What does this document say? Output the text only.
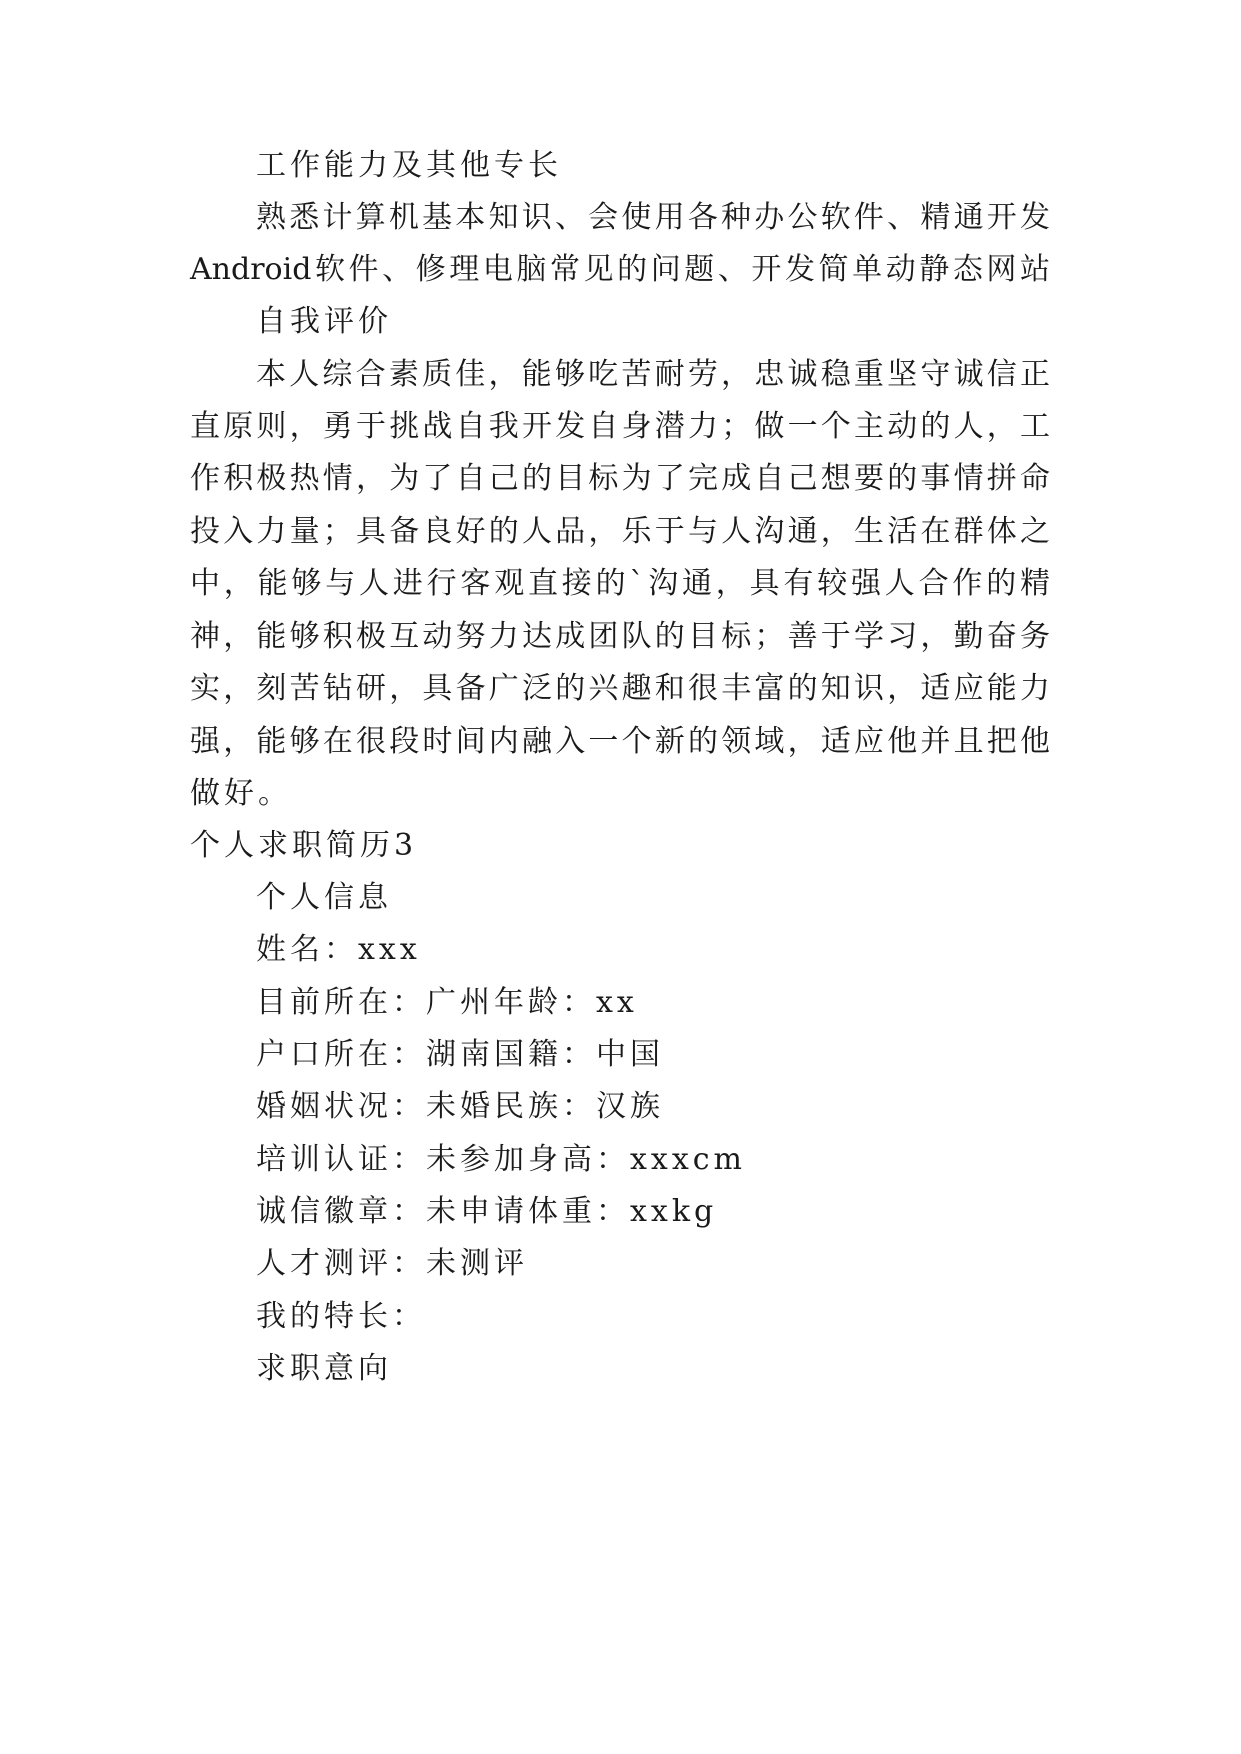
工作能力及其他专长
熟悉计算机基本知识、会使用各种办公软件、精通开发
Android软件、修理电脑常见的问题、开发简单动静态网站
自我评价
本人综合素质佳，能够吃苦耐劳，忠诚稳重坚守诚信正
直原则，勇于挑战自我开发自身潜力；做一个主动的人，工
作积极热情，为了自己的目标为了完成自己想要的事情拼命
投入力量；具备良好的人品，乐于与人沟通，生活在群体之
中，能够与人进行客观直接的`沟通，具有较强人合作的精
神，能够积极互动努力达成团队的目标；善于学习，勤奋务
实，刻苦钻研，具备广泛的兴趣和很丰富的知识，适应能力
强，能够在很段时间内融入一个新的领域，适应他并且把他
做好。
个人求职简历3
个人信息
姓名：xxx
目前所在：广州年龄：xx
户口所在：湖南国籍：中国
婚姻状况：未婚民族：汉族
培训认证：未参加身高：xxxcm
诚信徽章：未申请体重：xxkg
人才测评：未测评
我的特长：
求职意向
